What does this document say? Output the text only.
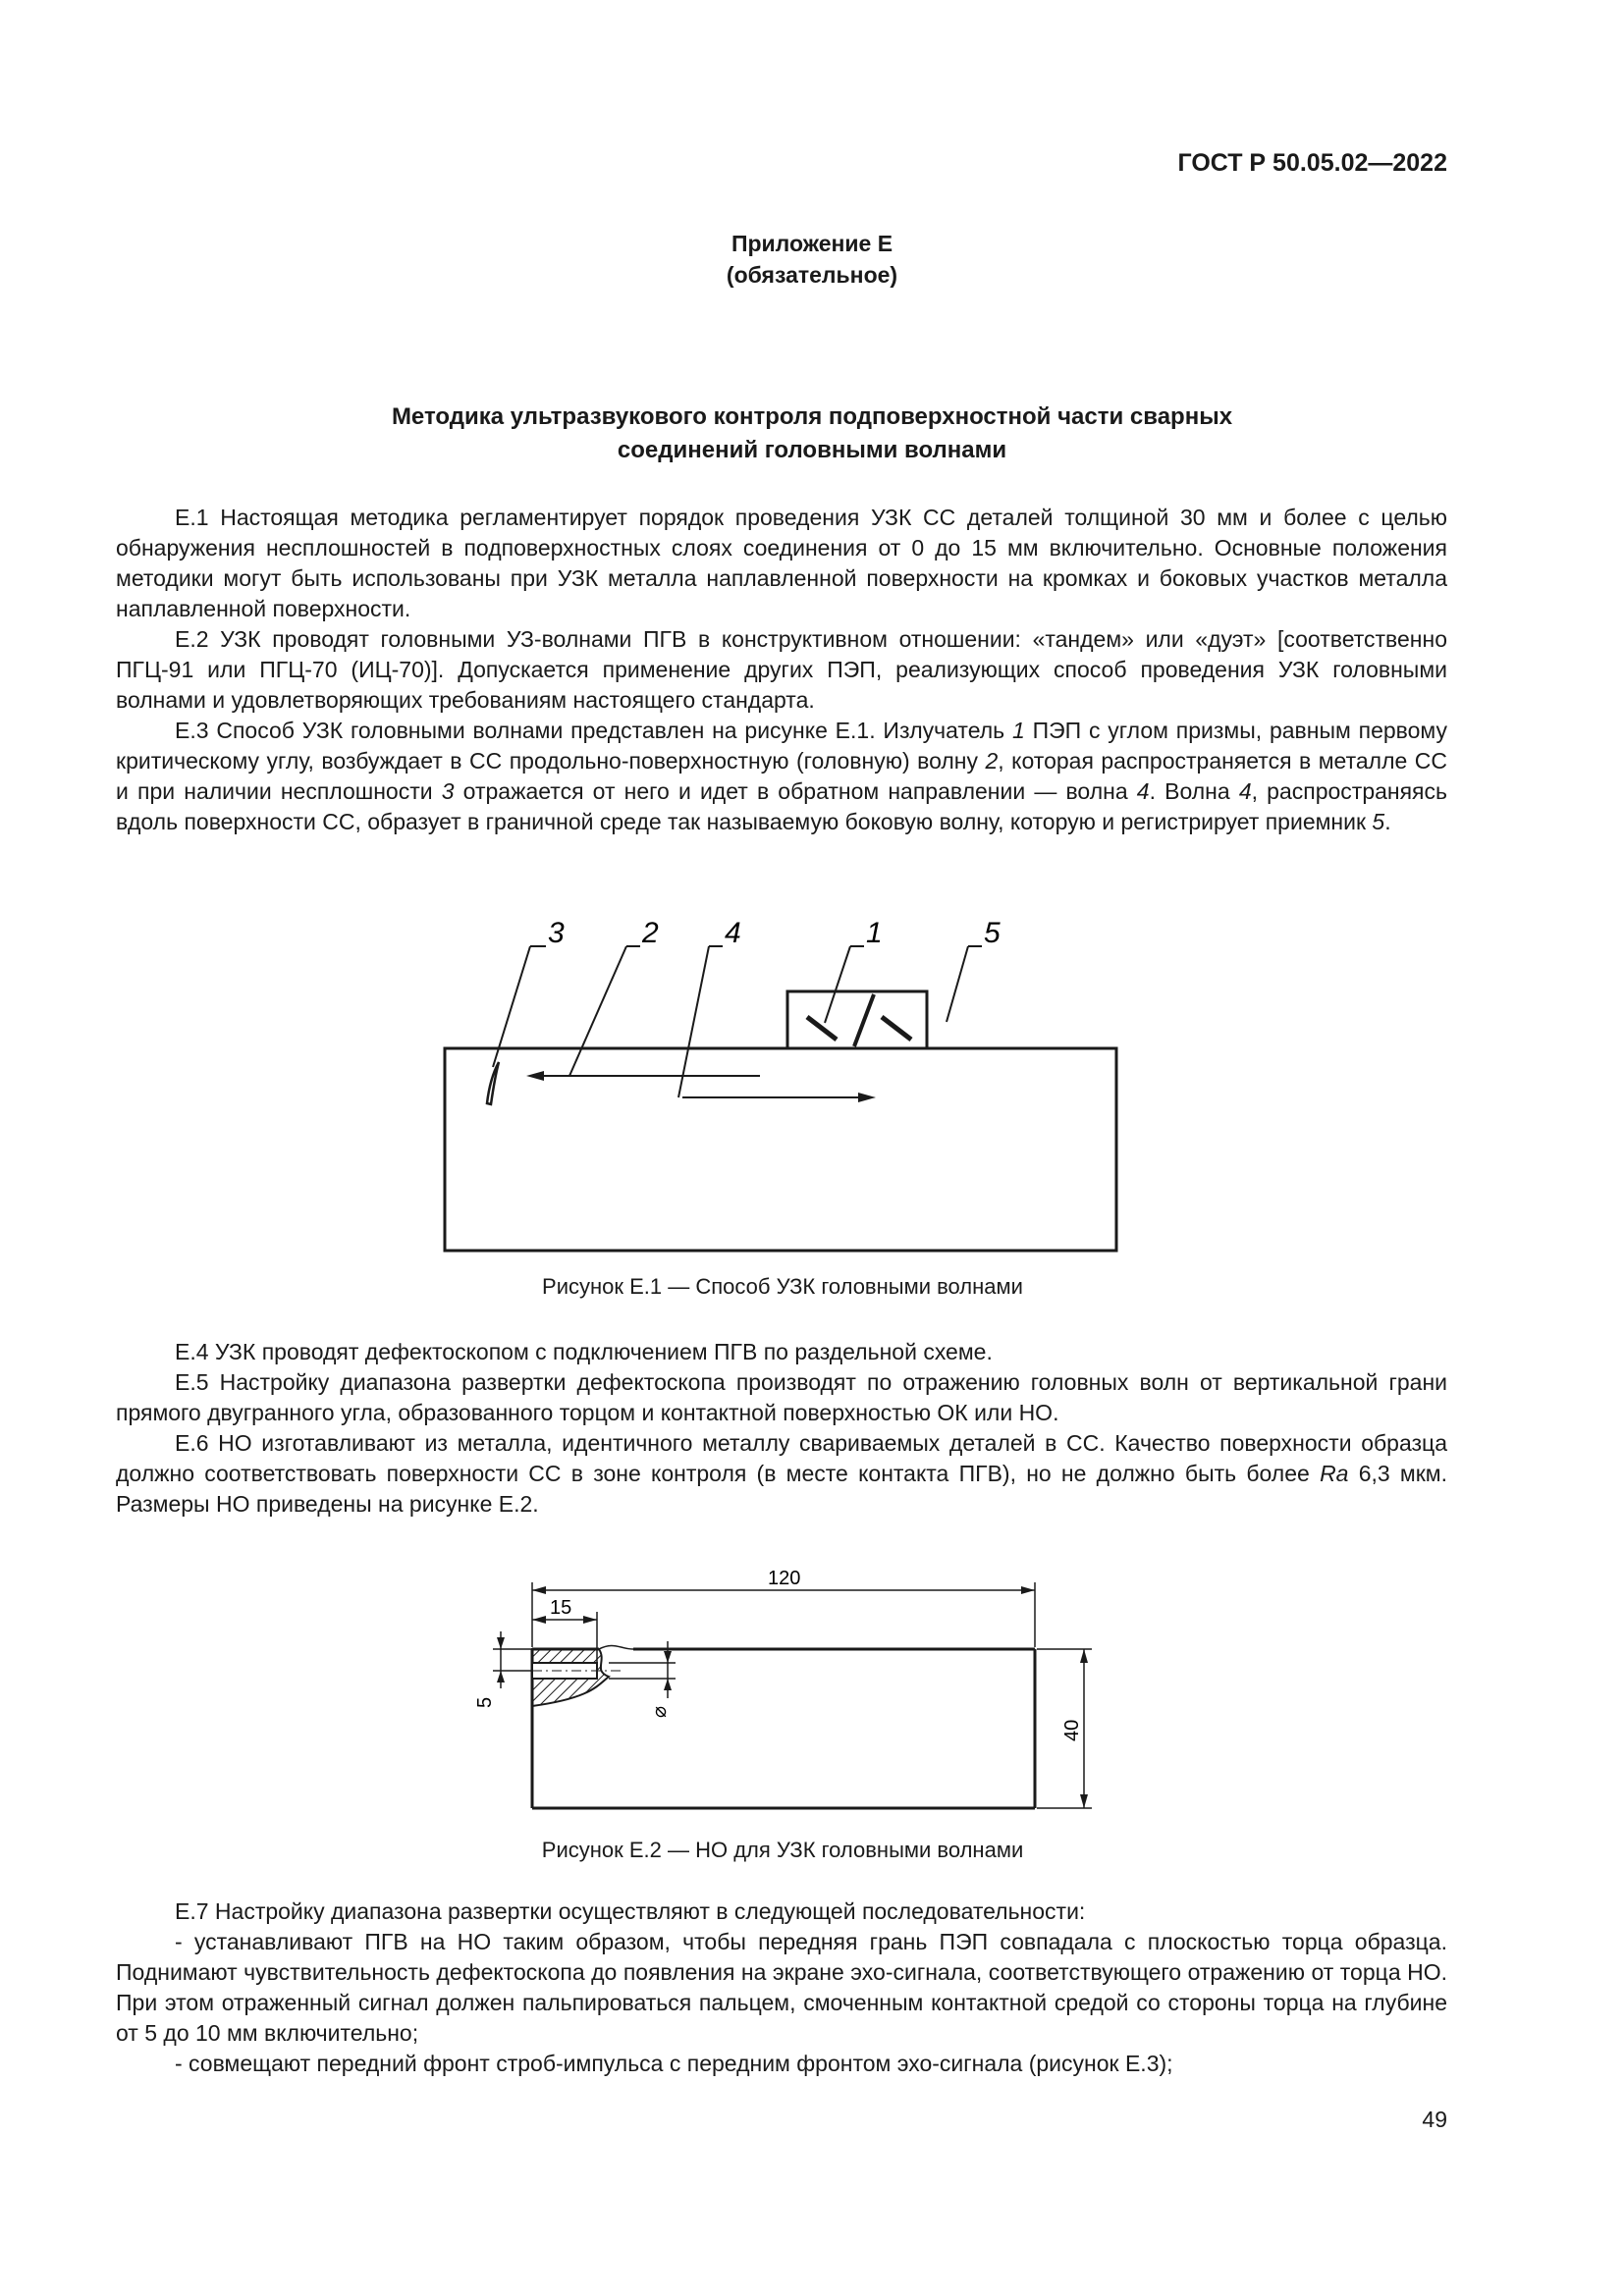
ГОСТ Р 50.05.02—2022
Приложение Е
(обязательное)
Методика ультразвукового контроля подповерхностной части сварных
соединений головными волнами

Е.1 Настоящая методика регламентирует порядок проведения УЗК СС деталей толщиной 30 мм и более с целью обнаружения несплошностей в подповерхностных слоях соединения от 0 до 15 мм включительно. Основные положения методики могут быть использованы при УЗК металла наплавленной поверхности на кромках и боковых участков металла наплавленной поверхности.

Е.2 УЗК проводят головными УЗ-волнами ПГВ в конструктивном отношении: «тандем» или «дуэт» [соответственно ПГЦ-91 или ПГЦ-70 (ИЦ-70)]. Допускается применение других ПЭП, реализующих способ проведения УЗК головными волнами и удовлетворяющих требованиям настоящего стандарта.

Е.3 Способ УЗК головными волнами представлен на рисунке Е.1. Излучатель 1 ПЭП с углом призмы, равным первому критическому углу, возбуждает в СС продольно-поверхностную (головную) волну 2, которая распространяется в металле СС и при наличии несплошности 3 отражается от него и идет в обратном направлении — волна 4. Волна 4, распространяясь вдоль поверхности СС, образует в граничной среде так называемую боковую волну, которую и регистрирует приемник 5.

3	2 4	1	5
Рисунок Е.1 — Способ УЗК головными волнами

Е.4 УЗК проводят дефектоскопом с подключением ПГВ по раздельной схеме.

Е.5 Настройку диапазона развертки дефектоскопа производят по отражению головных волн от вертикальной грани прямого двугранного угла, образованного торцом и контактной поверхностью ОК или НО.

Е.6 НО изготавливают из металла, идентичного металлу свариваемых деталей в СС. Качество поверхности образца должно соответствовать поверхности СС в зоне контроля (в месте контакта ПГВ), но не должно быть более Ra 6,3 мкм. Размеры НО приведены на рисунке Е.2.

120
15
5
⌀
40
Рисунок Е.2 — НО для УЗК головными волнами

Е.7 Настройку диапазона развертки осуществляют в следующей последовательности:

- устанавливают ПГВ на НО таким образом, чтобы передняя грань ПЭП совпадала с плоскостью торца образца. Поднимают чувствительность дефектоскопа до появления на экране эхо-сигнала, соответствующего отражению от торца НО. При этом отраженный сигнал должен пальпироваться пальцем, смоченным контактной средой со стороны торца на глубине от 5 до 10 мм включительно;

- совмещают передний фронт строб-импульса с передним фронтом эхо-сигнала (рисунок Е.3);

49
